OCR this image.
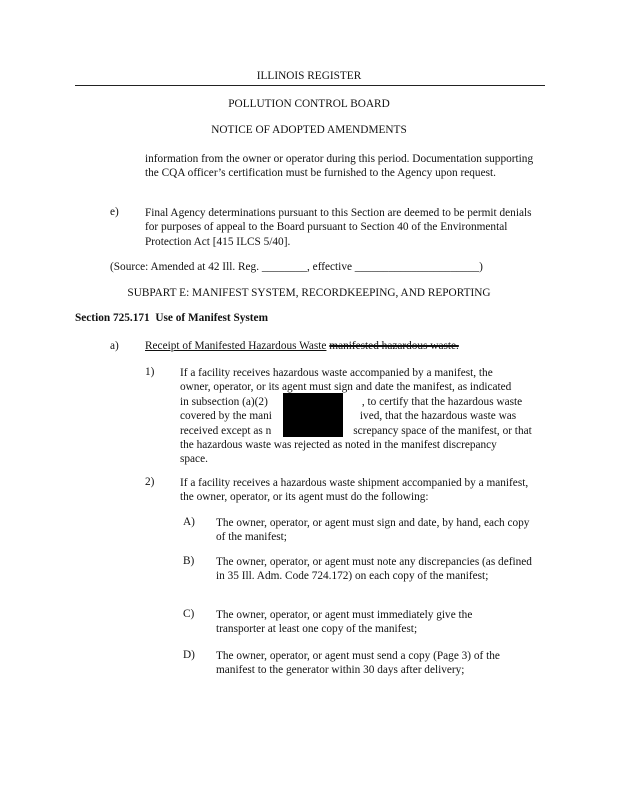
ILLINOIS REGISTER
POLLUTION CONTROL BOARD
NOTICE OF ADOPTED AMENDMENTS
information from the owner or operator during this period. Documentation supporting the CQA officer’s certification must be furnished to the Agency upon request.
e) Final Agency determinations pursuant to this Section are deemed to be permit denials for purposes of appeal to the Board pursuant to Section 40 of the Environmental Protection Act [415 ILCS 5/40].
(Source: Amended at 42 Ill. Reg. ________, effective ______________________)
SUBPART E: MANIFEST SYSTEM, RECORDKEEPING, AND REPORTING
Section 725.171 Use of Manifest System
a) Receipt of Manifested Hazardous Waste manifested hazardous waste.
1) If a facility receives hazardous waste accompanied by a manifest, the
owner, operator, or its agent must sign and date the manifest, as indicated
in subsection (a)(2)	, to certify that the hazardous waste
covered by the mani	ived, that the hazardous waste was
received except as n	screpancy space of the manifest, or that
the hazardous waste was rejected as noted in the manifest discrepancy
space.
2) If a facility receives a hazardous waste shipment accompanied by a manifest, the owner, operator, or its agent must do the following:
A) The owner, operator, or agent must sign and date, by hand, each copy of the manifest;
B) The owner, operator, or agent must note any discrepancies (as defined in 35 Ill. Adm. Code 724.172) on each copy of the manifest;
C) The owner, operator, or agent must immediately give the transporter at least one copy of the manifest;
D) The owner, operator, or agent must send a copy (Page 3) of the manifest to the generator within 30 days after delivery;
